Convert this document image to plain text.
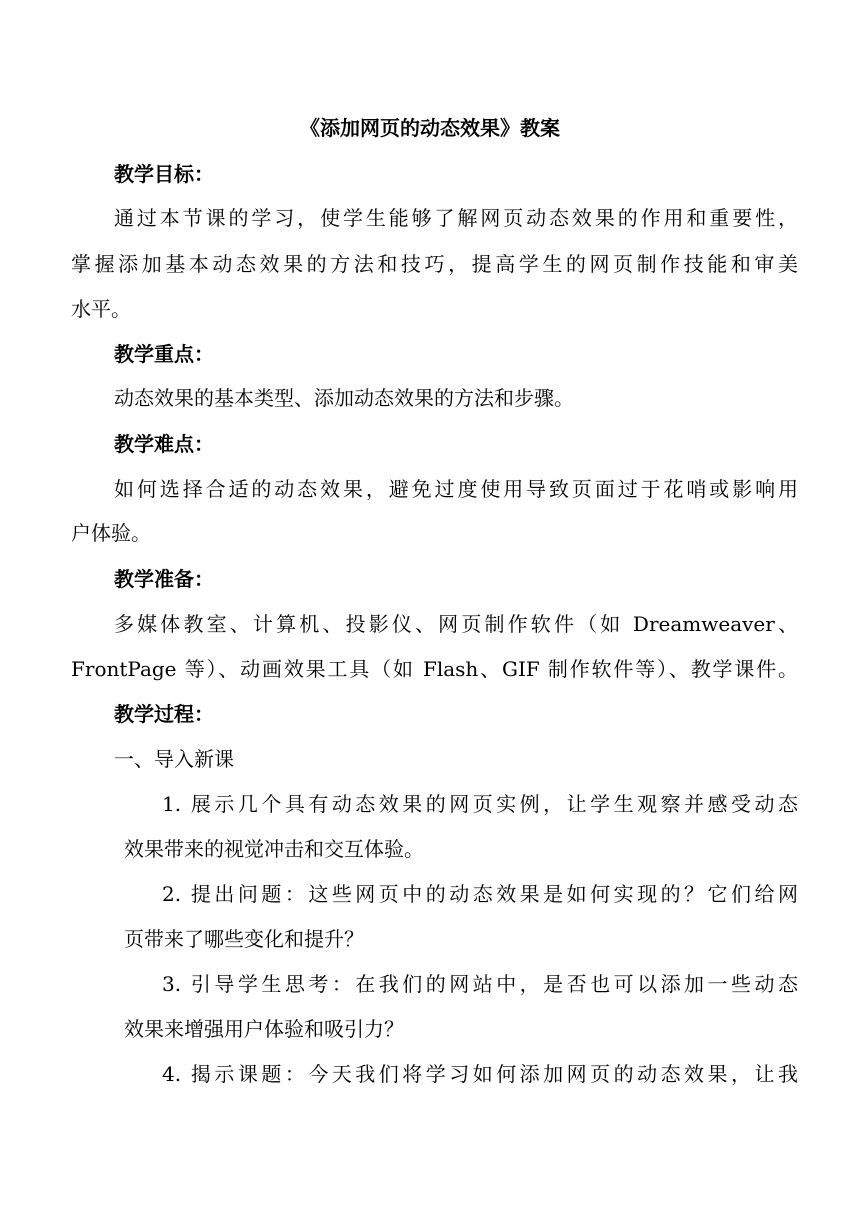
《添加网页的动态效果》教案
教学目标：
通过本节课的学习，使学生能够了解网页动态效果的作用和重要性，
掌握添加基本动态效果的方法和技巧，提高学生的网页制作技能和审美
水平。
教学重点：
动态效果的基本类型、添加动态效果的方法和步骤。
教学难点：
如何选择合适的动态效果，避免过度使用导致页面过于花哨或影响用
户体验。
教学准备：
多媒体教室、计算机、投影仪、网页制作软件（如 Dreamweaver、
FrontPage 等）、动画效果工具（如 Flash、GIF 制作软件等）、教学课件。
教学过程：
一、导入新课
1. 展示几个具有动态效果的网页实例，让学生观察并感受动态
效果带来的视觉冲击和交互体验。
2. 提出问题：这些网页中的动态效果是如何实现的？它们给网
页带来了哪些变化和提升？
3. 引导学生思考：在我们的网站中，是否也可以添加一些动态
效果来增强用户体验和吸引力？
4. 揭示课题：今天我们将学习如何添加网页的动态效果，让我
